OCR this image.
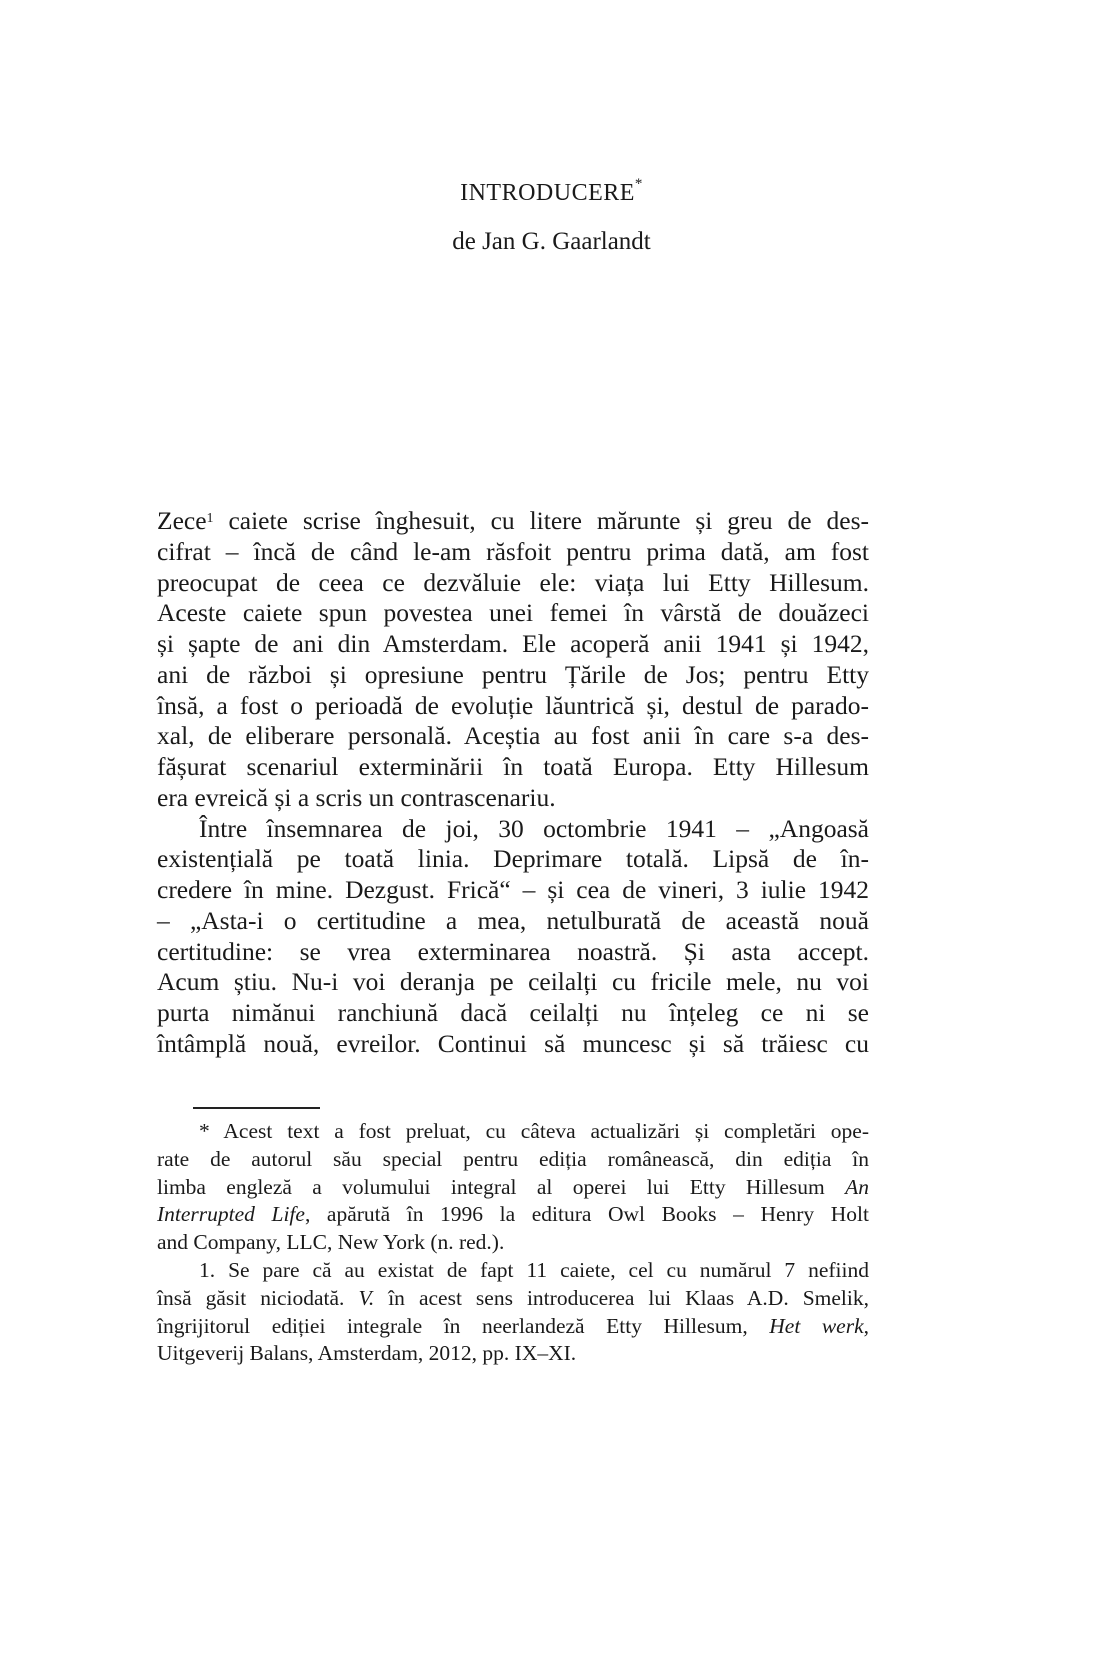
INTRODUCERE*
de Jan G. Gaarlandt
Zece$^1$ caiete scrise înghesuit, cu litere mărunte și greu de des-
cifrat – încă de când le-am răsfoit pentru prima dată, am fost
preocupat de ceea ce dezvăluie ele: viața lui Etty Hillesum.
Aceste caiete spun povestea unei femei în vârstă de douăzeci
și șapte de ani din Amsterdam. Ele acoperă anii 1941 și 1942,
ani de război și opresiune pentru Țările de Jos; pentru Etty
însă, a fost o perioadă de evoluție lăuntrică și, destul de parado-
xal, de eliberare personală. Aceștia au fost anii în care s-a des-
fășurat scenariul exterminării în toată Europa. Etty Hillesum
era evreică și a scris un contrascenariu.
Între însemnarea de joi, 30 octombrie 1941 – „Angoasă
existențială pe toată linia. Deprimare totală. Lipsă de în-
credere în mine. Dezgust. Frică“ – și cea de vineri, 3 iulie 1942
– „Asta-i o certitudine a mea, netulburată de această nouă
certitudine: se vrea exterminarea noastră. Și asta accept.
Acum știu. Nu-i voi deranja pe ceilalți cu fricile mele, nu voi
purta nimănui ranchiună dacă ceilalți nu înțeleg ce ni se
întâmplă nouă, evreilor. Continui să muncesc și să trăiesc cu
* Acest text a fost preluat, cu câteva actualizări și completări ope-
rate de autorul său special pentru ediția românească, din ediția în
limba engleză a volumului integral al operei lui Etty Hillesum An
Interrupted Life, apărută în 1996 la editura Owl Books – Henry Holt
and Company, LLC, New York (n. red.).
1. Se pare că au existat de fapt 11 caiete, cel cu numărul 7 nefiind
însă găsit niciodată. V. în acest sens introducerea lui Klaas A.D. Smelik,
îngrijitorul ediției integrale în neerlandeză Etty Hillesum, Het werk,
Uitgeverij Balans, Amsterdam, 2012, pp. IX–XI.
